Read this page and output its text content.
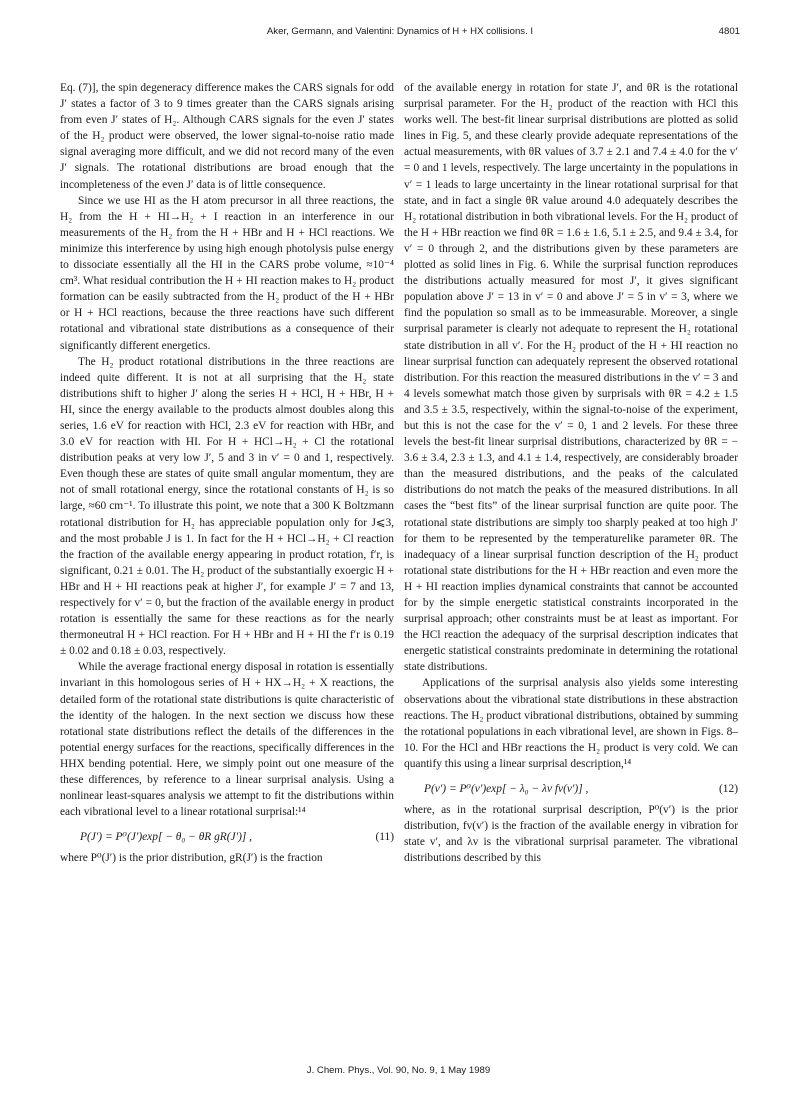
Aker, Germann, and Valentini: Dynamics of H + HX collisions. I	4801

Eq. (7)], the spin degeneracy difference makes the CARS signals for odd J′ states a factor of 3 to 9 times greater than the CARS signals arising from even J′ states of H₂. Although CARS signals for the even J′ states of the H₂ product were observed, the lower signal-to-noise ratio made signal averaging more difficult, and we did not record many of the even J′ signals. The rotational distributions are broad enough that the incompleteness of the even J′ data is of little consequence.

Since we use HI as the H atom precursor in all three reactions, the H₂ from the H + HI→H₂ + I reaction in an interference in our measurements of the H₂ from the H + HBr and H + HCl reactions. We minimize this interference by using high enough photolysis pulse energy to dissociate essentially all the HI in the CARS probe volume, ≈10⁻⁴ cm³. What residual contribution the H + HI reaction makes to H₂ product formation can be easily subtracted from the H₂ product of the H + HBr or H + HCl reactions, because the three reactions have such different rotational and vibrational state distributions as a consequence of their significantly different energetics.

The H₂ product rotational distributions in the three reactions are indeed quite different. It is not at all surprising that the H₂ state distributions shift to higher J′ along the series H + HCl, H + HBr, H + HI, since the energy available to the products almost doubles along this series, 1.6 eV for reaction with HCl, 2.3 eV for reaction with HBr, and 3.0 eV for reaction with HI. For H + HCl→H₂ + Cl the rotational distribution peaks at very low J′, 5 and 3 in v′ = 0 and 1, respectively. Even though these are states of quite small angular momentum, they are not of small rotational energy, since the rotational constants of H₂ is so large, ≈60 cm⁻¹. To illustrate this point, we note that a 300 K Boltzmann rotational distribution for H₂ has appreciable population only for J⩽3, and the most probable J is 1. In fact for the H + HCl→H₂ + Cl reaction the fraction of the available energy appearing in product rotation, f′r, is significant, 0.21 ± 0.01. The H₂ product of the substantially exoergic H + HBr and H + HI reactions peak at higher J′, for example J′ = 7 and 13, respectively for v′ = 0, but the fraction of the available energy in product rotation is essentially the same for these reactions as for the nearly thermoneutral H + HCl reaction. For H + HBr and H + HI the f′r is 0.19 ± 0.02 and 0.18 ± 0.03, respectively.

While the average fractional energy disposal in rotation is essentially invariant in this homologous series of H + HX→H₂ + X reactions, the detailed form of the rotational state distributions is quite characteristic of the identity of the halogen. In the next section we discuss how these rotational state distributions reflect the details of the differences in the potential energy surfaces for the reactions, specifically differences in the HHX bending potential. Here, we simply point out one measure of the these differences, by reference to a linear surprisal analysis. Using a nonlinear least-squares analysis we attempt to fit the distributions within each vibrational level to a linear rotational surprisal:¹⁴

P(J′) = P⁰(J′)exp[ − θ₀ − θR gR(J′)] ,	(11)

where P⁰(J′) is the prior distribution, gR(J′) is the fraction

of the available energy in rotation for state J′, and θR is the rotational surprisal parameter. For the H₂ product of the reaction with HCl this works well. The best-fit linear surprisal distributions are plotted as solid lines in Fig. 5, and these clearly provide adequate representations of the actual measurements, with θR values of 3.7 ± 2.1 and 7.4 ± 4.0 for the v′ = 0 and 1 levels, respectively. The large uncertainty in the populations in v′ = 1 leads to large uncertainty in the linear rotational surprisal for that state, and in fact a single θR value around 4.0 adequately describes the H₂ rotational distribution in both vibrational levels. For the H₂ product of the H + HBr reaction we find θR = 1.6 ± 1.6, 5.1 ± 2.5, and 9.4 ± 3.4, for v′ = 0 through 2, and the distributions given by these parameters are plotted as solid lines in Fig. 6. While the surprisal function reproduces the distributions actually measured for most J′, it gives significant population above J′ = 13 in v′ = 0 and above J′ = 5 in v′ = 3, where we find the population so small as to be immeasurable. Moreover, a single surprisal parameter is clearly not adequate to represent the H₂ rotational state distribution in all v′. For the H₂ product of the H + HI reaction no linear surprisal function can adequately represent the observed rotational distribution. For this reaction the measured distributions in the v′ = 3 and 4 levels somewhat match those given by surprisals with θR = 4.2 ± 1.5 and 3.5 ± 3.5, respectively, within the signal-to-noise of the experiment, but this is not the case for the v′ = 0, 1 and 2 levels. For these three levels the best-fit linear surprisal distributions, characterized by θR = − 3.6 ± 3.4, 2.3 ± 1.3, and 4.1 ± 1.4, respectively, are considerably broader than the measured distributions, and the peaks of the calculated distributions do not match the peaks of the measured distributions. In all cases the “best fits” of the linear surprisal function are quite poor. The rotational state distributions are simply too sharply peaked at too high J′ for them to be represented by the temperaturelike parameter θR. The inadequacy of a linear surprisal function description of the H₂ product rotational state distributions for the H + HBr reaction and even more the H + HI reaction implies dynamical constraints that cannot be accounted for by the simple energetic statistical constraints incorporated in the surprisal approach; other constraints must be at least as important. For the HCl reaction the adequacy of the surprisal description indicates that energetic statistical constraints predominate in determining the rotational state distributions.

Applications of the surprisal analysis also yields some interesting observations about the vibrational state distributions in these abstraction reactions. The H₂ product vibrational distributions, obtained by summing the rotational populations in each vibrational level, are shown in Figs. 8–10. For the HCl and HBr reactions the H₂ product is very cold. We can quantify this using a linear surprisal description,¹⁴

P(v′) = P⁰(v′)exp[ − λ₀ − λv fv(v′)] ,	(12)

where, as in the rotational surprisal description, P⁰(v′) is the prior distribution, fv(v′) is the fraction of the available energy in vibration for state v′, and λv is the vibrational surprisal parameter. The vibrational distributions described by this

J. Chem. Phys., Vol. 90, No. 9, 1 May 1989
